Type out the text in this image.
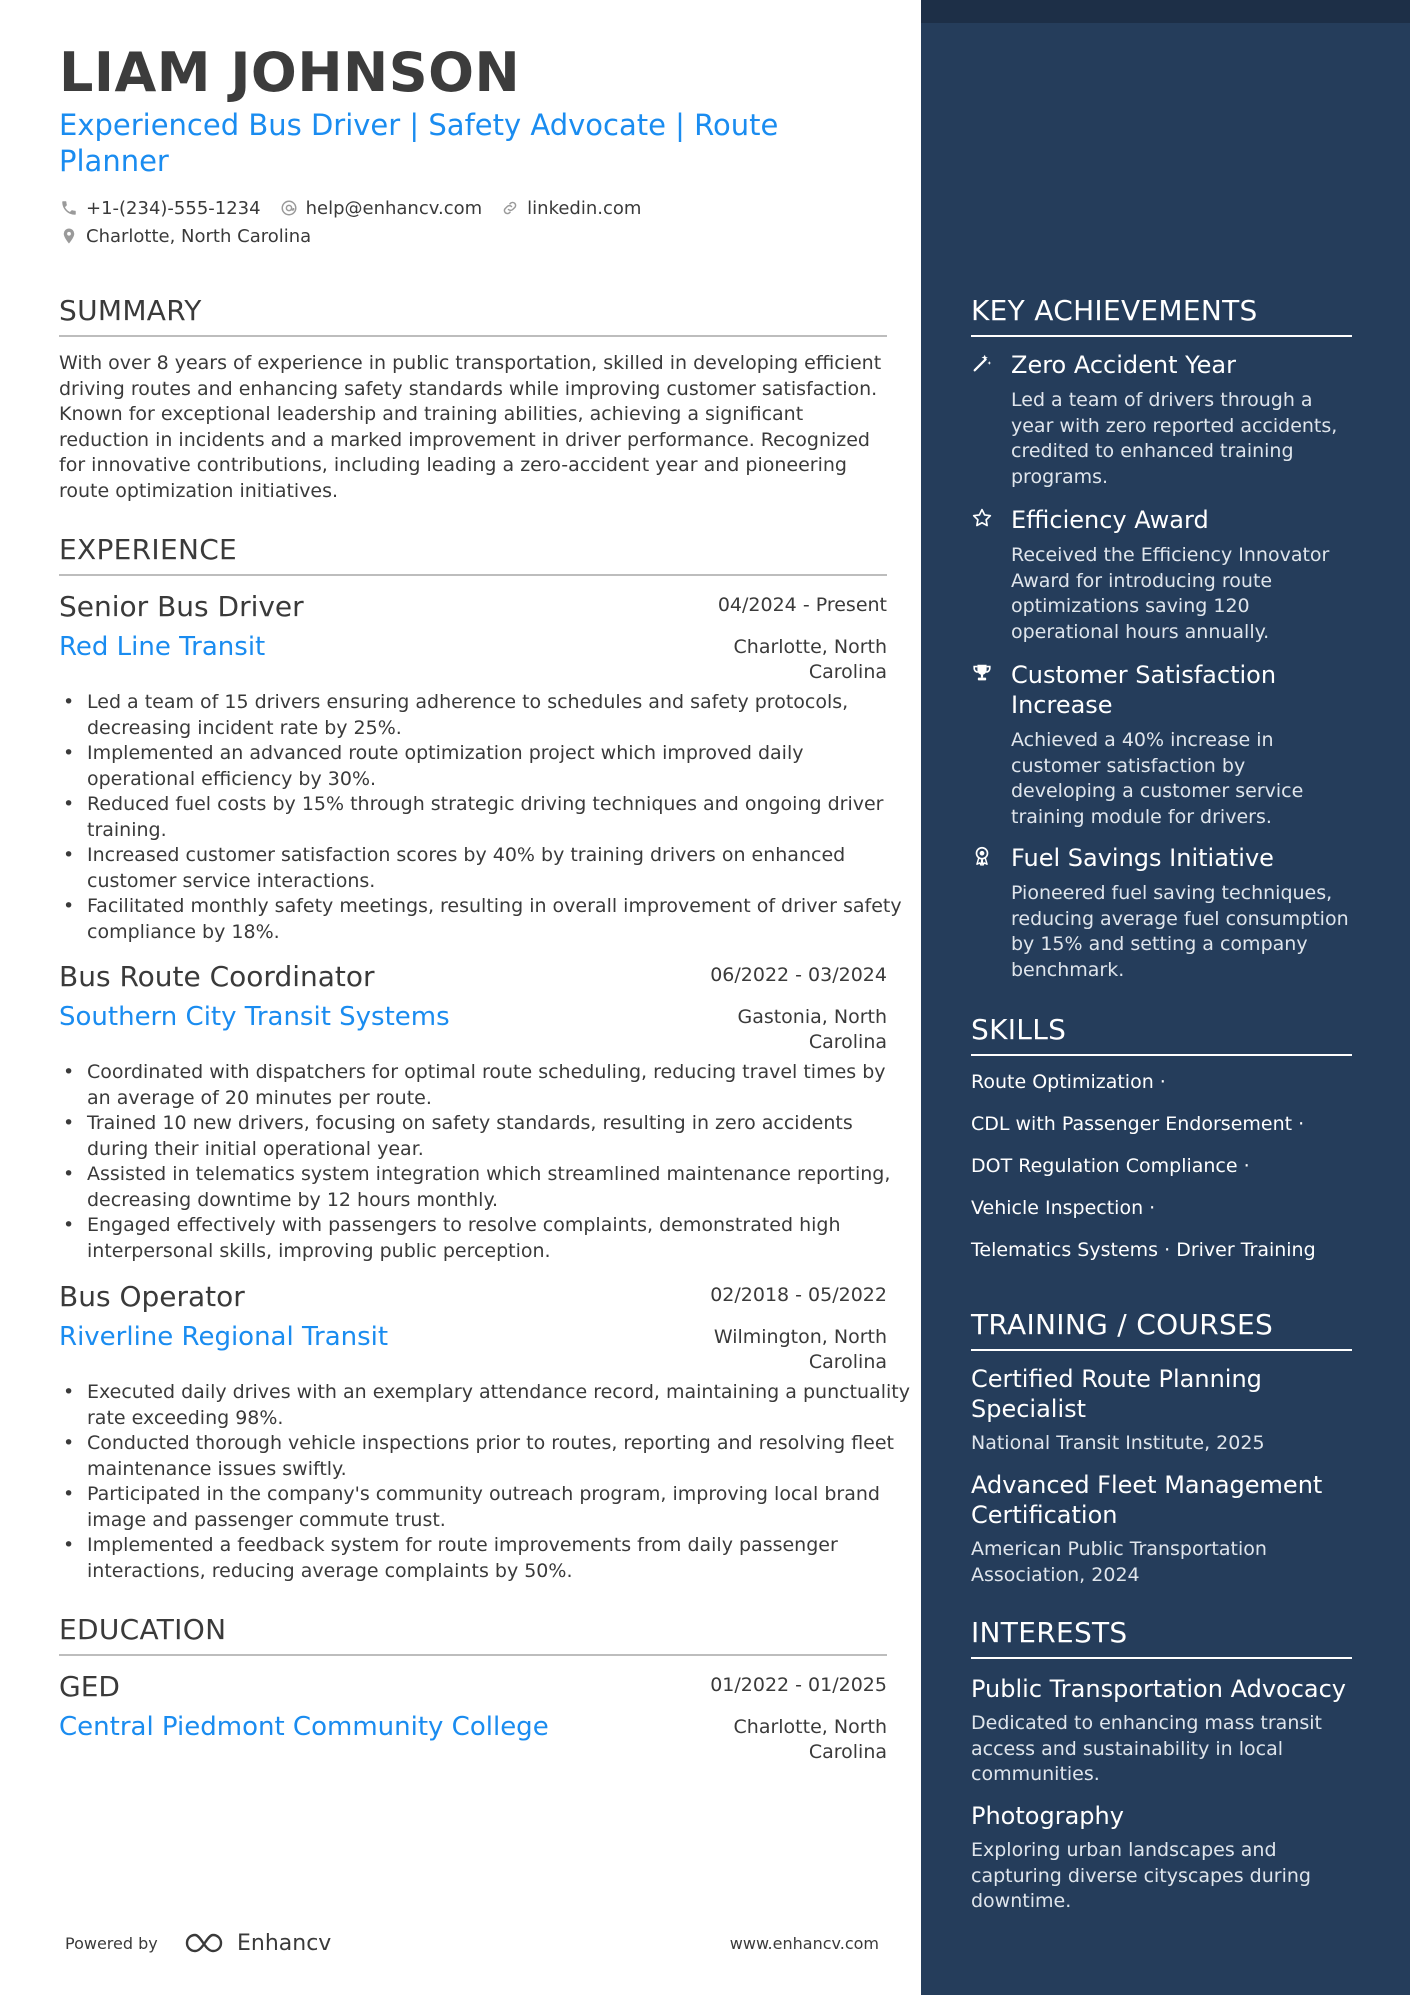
LIAM JOHNSON
Experienced Bus Driver | Safety Advocate | Route Planner
+1-(234)-555-1234	help@enhancv.com	linkedin.com
Charlotte, North Carolina
SUMMARY
With over 8 years of experience in public transportation, skilled in developing efficient driving routes and enhancing safety standards while improving customer satisfaction. Known for exceptional leadership and training abilities, achieving a significant reduction in incidents and a marked improvement in driver performance. Recognized for innovative contributions, including leading a zero-accident year and pioneering route optimization initiatives.
EXPERIENCE
Senior Bus Driver	04/2024 - Present
Red Line Transit	Charlotte, North Carolina
• Led a team of 15 drivers ensuring adherence to schedules and safety protocols, decreasing incident rate by 25%.
• Implemented an advanced route optimization project which improved daily operational efficiency by 30%.
• Reduced fuel costs by 15% through strategic driving techniques and ongoing driver training.
• Increased customer satisfaction scores by 40% by training drivers on enhanced customer service interactions.
• Facilitated monthly safety meetings, resulting in overall improvement of driver safety compliance by 18%.
Bus Route Coordinator	06/2022 - 03/2024
Southern City Transit Systems	Gastonia, North Carolina
• Coordinated with dispatchers for optimal route scheduling, reducing travel times by an average of 20 minutes per route.
• Trained 10 new drivers, focusing on safety standards, resulting in zero accidents during their initial operational year.
• Assisted in telematics system integration which streamlined maintenance reporting, decreasing downtime by 12 hours monthly.
• Engaged effectively with passengers to resolve complaints, demonstrated high interpersonal skills, improving public perception.
Bus Operator	02/2018 - 05/2022
Riverline Regional Transit	Wilmington, North Carolina
• Executed daily drives with an exemplary attendance record, maintaining a punctuality rate exceeding 98%.
• Conducted thorough vehicle inspections prior to routes, reporting and resolving fleet maintenance issues swiftly.
• Participated in the company's community outreach program, improving local brand image and passenger commute trust.
• Implemented a feedback system for route improvements from daily passenger interactions, reducing average complaints by 50%.
EDUCATION
GED	01/2022 - 01/2025
Central Piedmont Community College	Charlotte, North Carolina
Powered by	Enhancv	www.enhancv.com
KEY ACHIEVEMENTS
Zero Accident Year
Led a team of drivers through a year with zero reported accidents, credited to enhanced training programs.
Efficiency Award
Received the Efficiency Innovator Award for introducing route optimizations saving 120 operational hours annually.
Customer Satisfaction Increase
Achieved a 40% increase in customer satisfaction by developing a customer service training module for drivers.
Fuel Savings Initiative
Pioneered fuel saving techniques, reducing average fuel consumption by 15% and setting a company benchmark.
SKILLS
Route Optimization ·
CDL with Passenger Endorsement ·
DOT Regulation Compliance ·
Vehicle Inspection ·
Telematics Systems · Driver Training
TRAINING / COURSES
Certified Route Planning Specialist
National Transit Institute, 2025
Advanced Fleet Management Certification
American Public Transportation Association, 2024
INTERESTS
Public Transportation Advocacy
Dedicated to enhancing mass transit access and sustainability in local communities.
Photography
Exploring urban landscapes and capturing diverse cityscapes during downtime.
